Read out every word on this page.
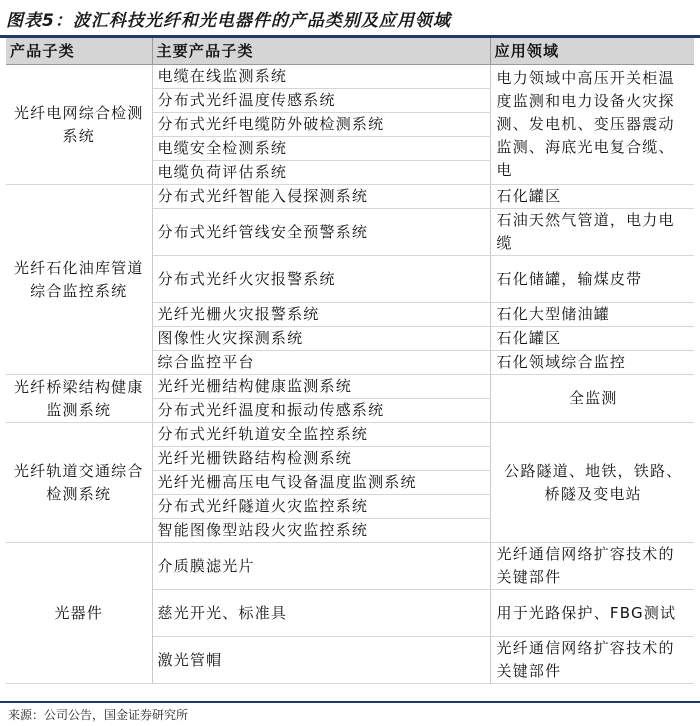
图表5：波汇科技光纤和光电器件的产品类别及应用领域
产品子类	主要产品子类	应用领域
光纤电网综合检测系统	电缆在线监测系统	电力领域中高压开关柜温度监测和电力设备火灾探测、发电机、变压器震动监测、海底光电复合缆、电
	分布式光纤温度传感系统	
	分布式光纤电缆防外破检测系统	
	电缆安全检测系统	
	电缆负荷评估系统	
光纤石化油库管道综合监控系统	分布式光纤智能入侵探测系统	石化罐区
	分布式光纤管线安全预警系统	石油天然气管道，电力电缆
	分布式光纤火灾报警系统	石化储罐，输煤皮带
	光纤光栅火灾报警系统	石化大型储油罐
	图像性火灾探测系统	石化罐区
	综合监控平台	石化领域综合监控
光纤桥梁结构健康监测系统	光纤光栅结构健康监测系统	全监测
	分布式光纤温度和振动传感系统	
光纤轨道交通综合检测系统	分布式光纤轨道安全监控系统	公路隧道、地铁，铁路、桥隧及变电站
	光纤光栅铁路结构检测系统	
	光纤光栅高压电气设备温度监测系统	
	分布式光纤隧道火灾监控系统	
	智能图像型站段火灾监控系统	
光器件	介质膜滤光片	光纤通信网络扩容技术的关键部件
	慈光开光、标准具	用于光路保护、FBG测试
	激光管帽	光纤通信网络扩容技术的关键部件
来源：公司公告，国金证券研究所
